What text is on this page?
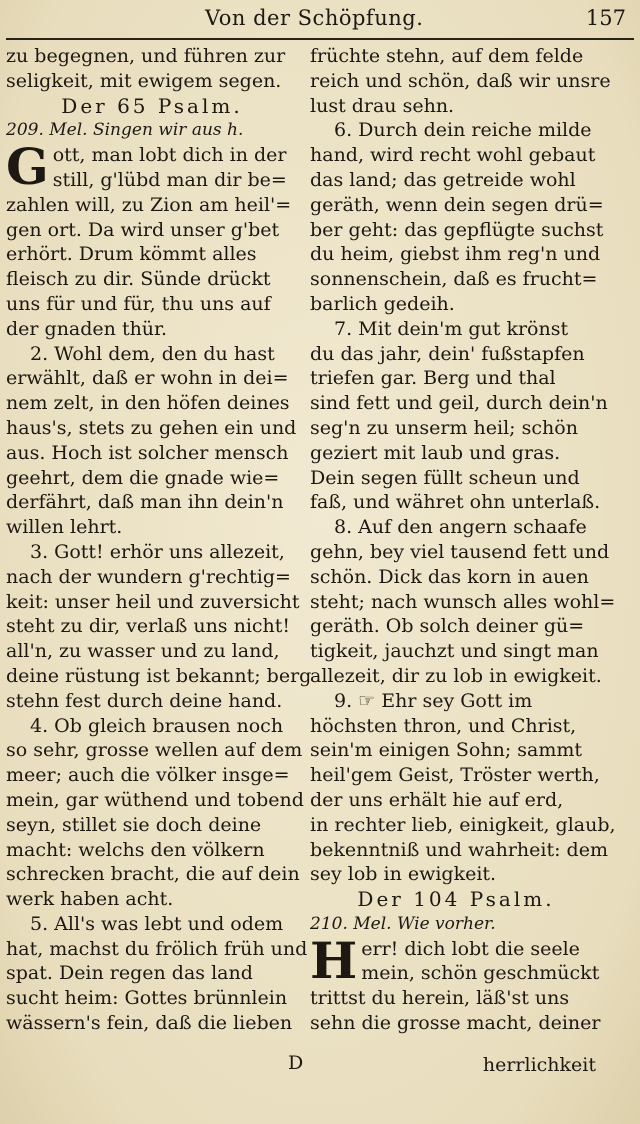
Von der Schöpfung.	157
zu begegnen, und führen zur
seligkeit, mit ewigem segen.
Der 65 Psalm.
209. Mel. Singen wir aus h.
Gott, man lobt dich in der
still, g'lübd man dir be=
zahlen will, zu Zion am heil'=
gen ort. Da wird unser g'bet
erhört. Drum kömmt alles
fleisch zu dir. Sünde drückt
uns für und für, thu uns auf
der gnaden thür.
2. Wohl dem, den du hast
erwählt, daß er wohn in dei=
nem zelt, in den höfen deines
haus's, stets zu gehen ein und
aus. Hoch ist solcher mensch
geehrt, dem die gnade wie=
derfährt, daß man ihn dein'n
willen lehrt.
3. Gott! erhör uns allezeit,
nach der wundern g'rechtig=
keit: unser heil und zuversicht
steht zu dir, verlaß uns nicht!
all'n, zu wasser und zu land,
deine rüstung ist bekannt; berg
stehn fest durch deine hand.
4. Ob gleich brausen noch
so sehr, grosse wellen auf dem
meer; auch die völker insge=
mein, gar wüthend und tobend
seyn, stillet sie doch deine
macht: welchs den völkern
schrecken bracht, die auf dein
werk haben acht.
5. All's was lebt und odem
hat, machst du frölich früh und
spat. Dein regen das land
sucht heim: Gottes brünnlein
wässern's fein, daß die lieben
früchte stehn, auf dem felde
reich und schön, daß wir unsre
lust drau sehn.
6. Durch dein reiche milde
hand, wird recht wohl gebaut
das land; das getreide wohl
geräth, wenn dein segen drü=
ber geht: das gepflügte suchst
du heim, giebst ihm reg'n und
sonnenschein, daß es frucht=
barlich gedeih.
7. Mit dein'm gut krönst
du das jahr, dein' fußstapfen
triefen gar. Berg und thal
sind fett und geil, durch dein'n
seg'n zu unserm heil; schön
geziert mit laub und gras.
Dein segen füllt scheun und
faß, und währet ohn unterlaß.
8. Auf den angern schaafe
gehn, bey viel tausend fett und
schön. Dick das korn in auen
steht; nach wunsch alles wohl=
geräth. Ob solch deiner gü=
tigkeit, jauchzt und singt man
allezeit, dir zu lob in ewigkeit.
9. ☞ Ehr sey Gott im
höchsten thron, und Christ,
sein'm einigen Sohn; sammt
heil'gem Geist, Tröster werth,
der uns erhält hie auf erd,
in rechter lieb, einigkeit, glaub,
bekenntniß und wahrheit: dem
sey lob in ewigkeit.
Der 104 Psalm.
210. Mel. Wie vorher.
Herr! dich lobt die seele
mein, schön geschmückt
trittst du herein, läß'st uns
sehn die grosse macht, deiner
D	herrlichkeit
